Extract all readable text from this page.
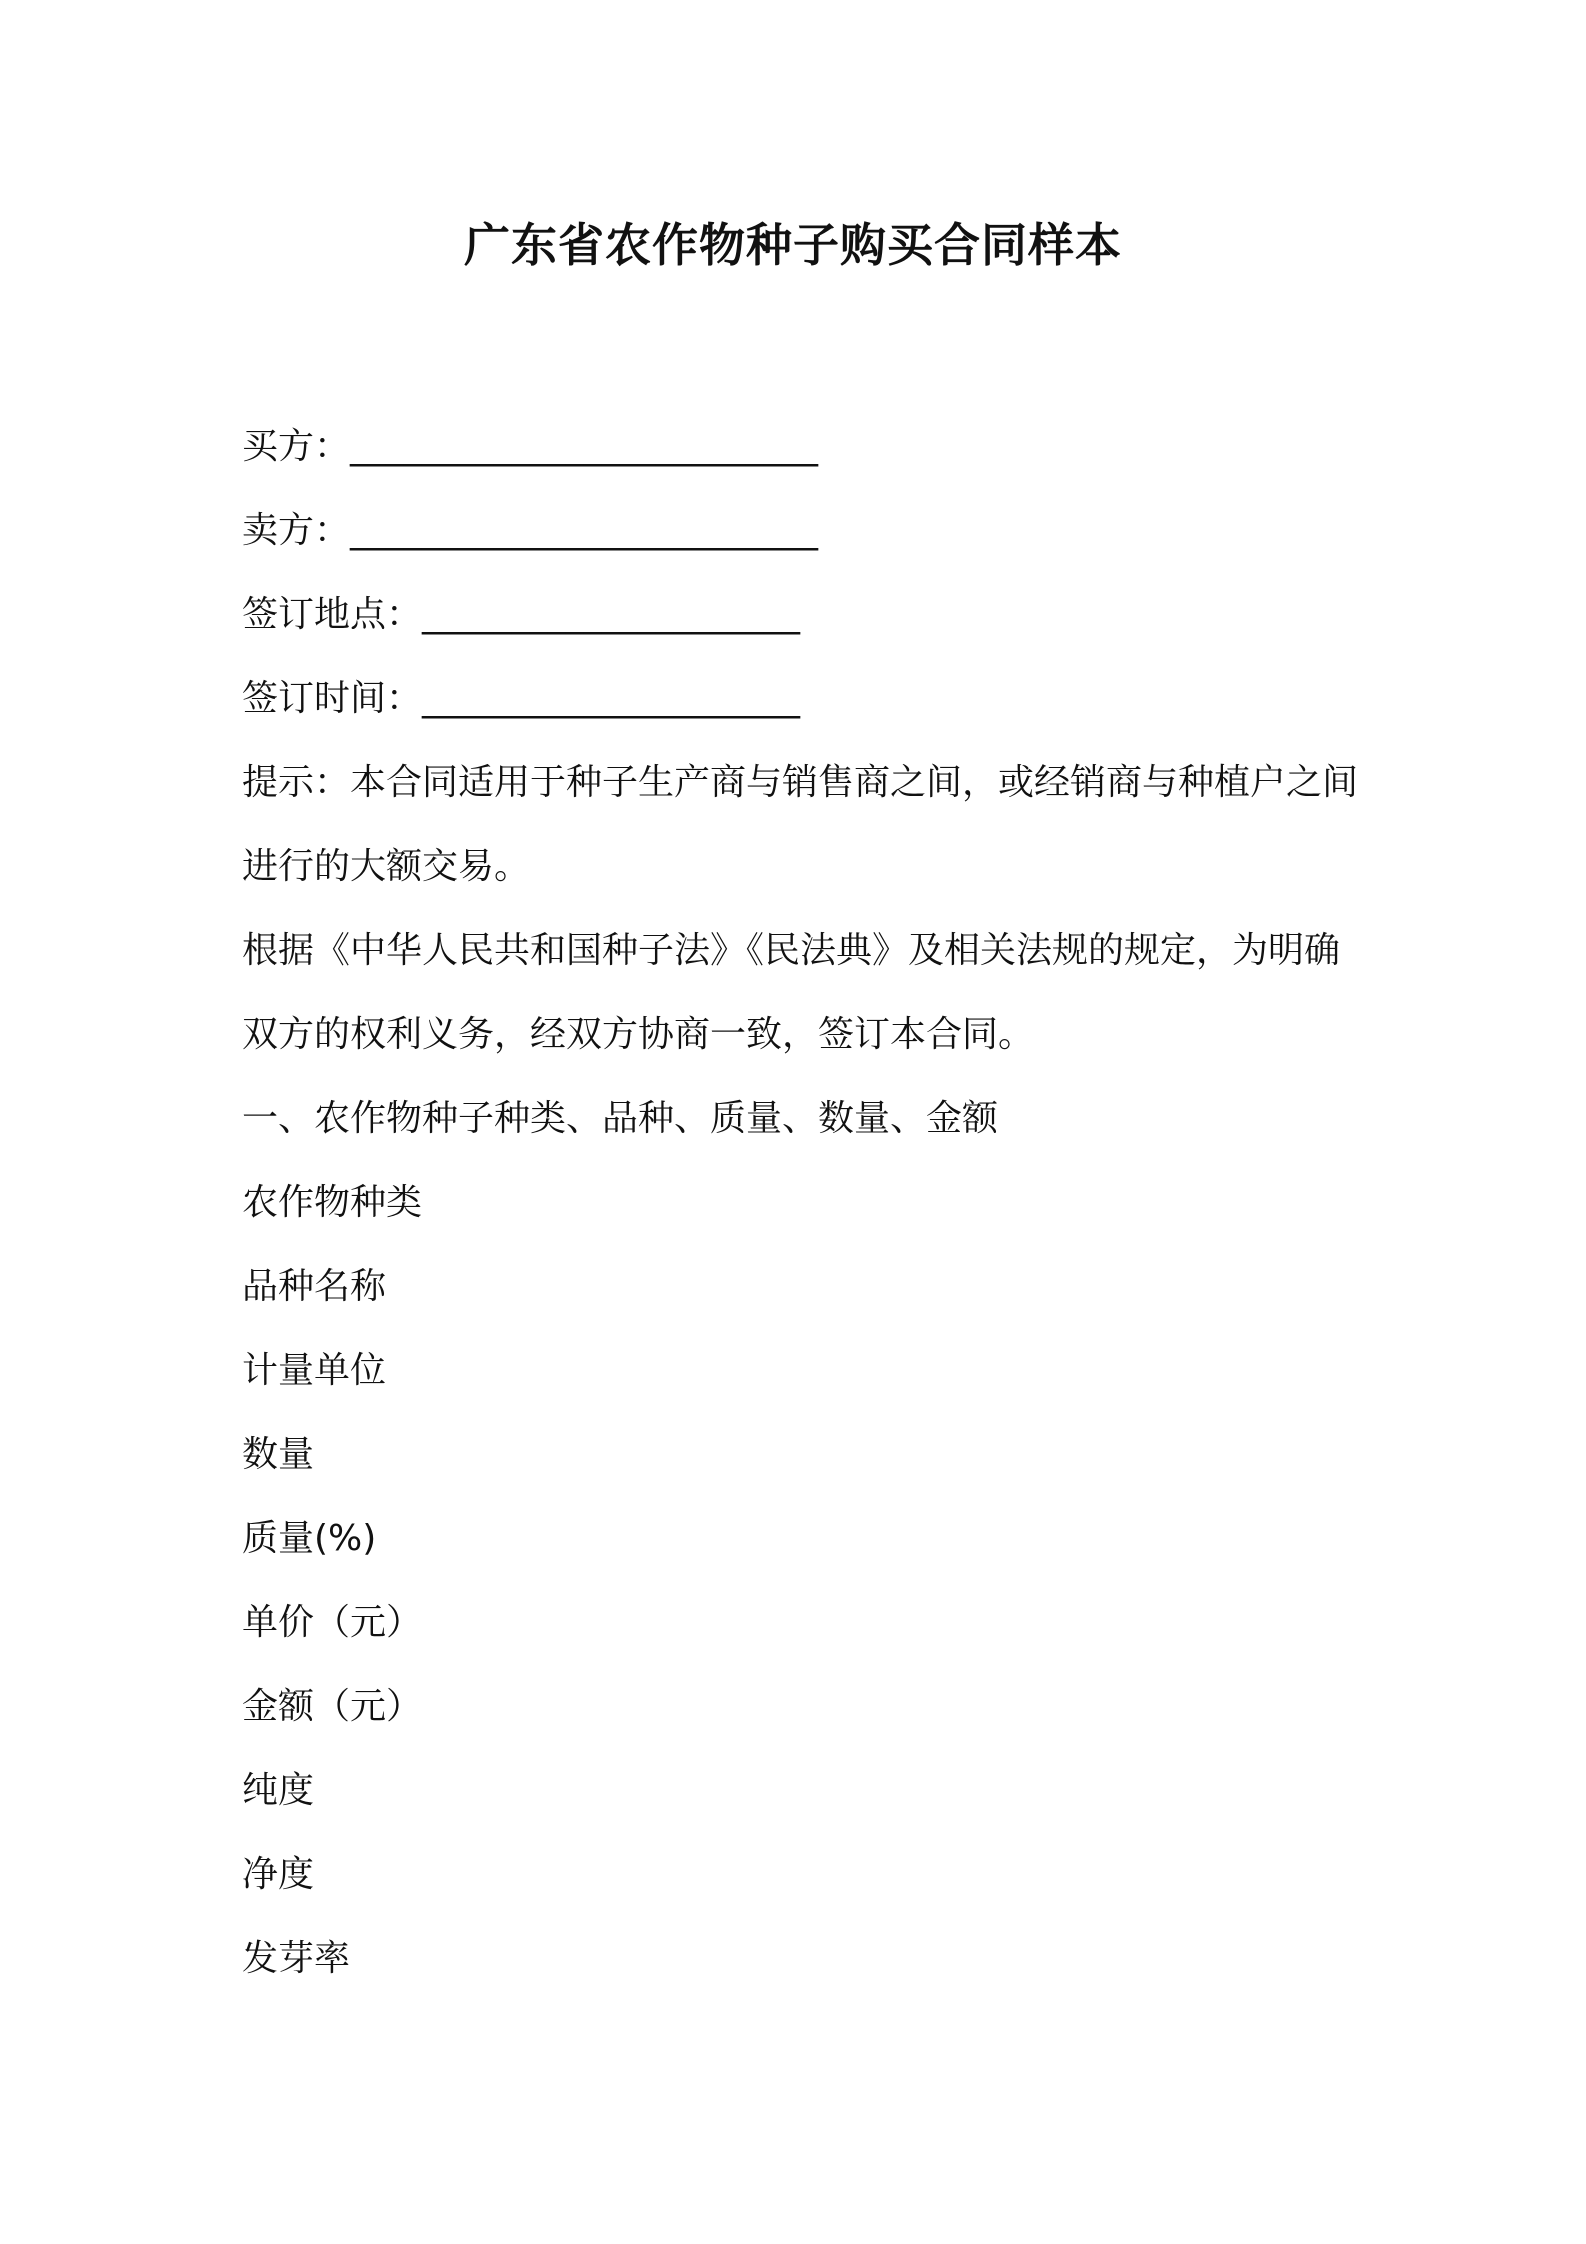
广东省农作物种子购买合同样本

买方：__________________________

卖方：__________________________

签订地点：_____________________

签订时间：_____________________

提示：本合同适用于种子生产商与销售商之间，或经销商与种植户之间进行的大额交易。

根据《中华人民共和国种子法》《民法典》及相关法规的规定，为明确双方的权利义务，经双方协商一致，签订本合同。

一、农作物种子种类、品种、质量、数量、金额

农作物种类

品种名称

计量单位

数量

质量(%)

单价（元）

金额（元）

纯度

净度

发芽率
